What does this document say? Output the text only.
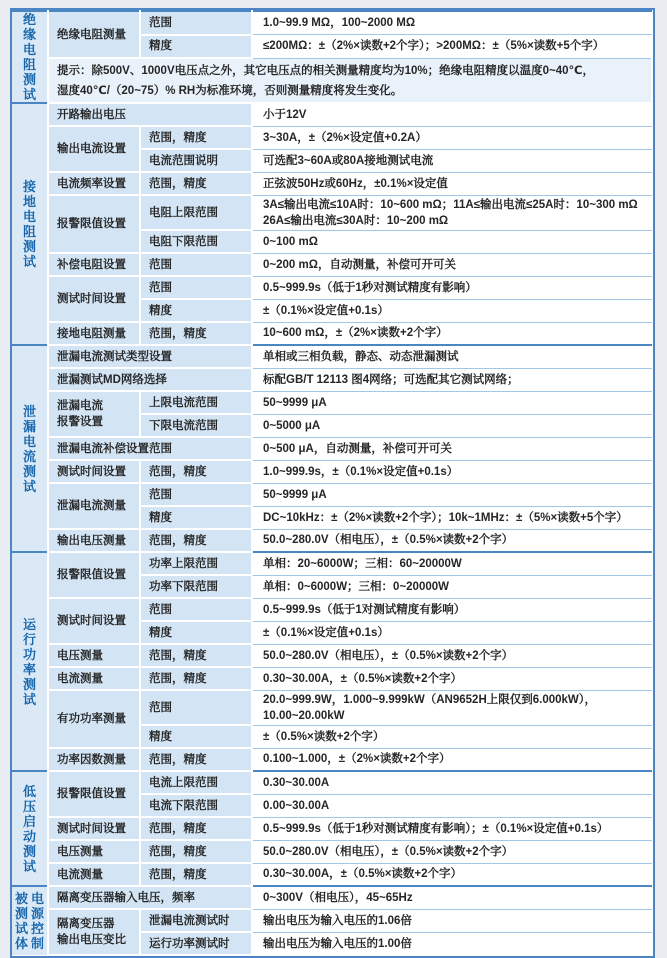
绝缘电阻测试	绝缘电阻测量	范围	1.0~99.9 MΩ，100~2000 MΩ

		精度	≤200MΩ：±（2%×读数+2个字）；>200MΩ：±（5%×读数+5个字）

	提示：除500V、1000V电压点之外，其它电压点的相关测量精度均为10%；绝缘电阻精度以温度0~40℃，
湿度40℃/（20~75）% RH为标准环境，否则测量精度将发生变化。		

接地电阻测试	开路输出电压		小于12V

	输出电流设置	范围，精度	3~30A，±（2%×设定值+0.2A）

		电流范围说明	可选配3~60A或80A接地测试电流

	电流频率设置	范围，精度	正弦波50Hz或60Hz，±0.1%×设定值

	报警限值设置	电阻上限范围	3A≤输出电流≤10A时：10~600 mΩ；11A≤输出电流≤25A时：10~300 mΩ
26A≤输出电流≤30A时：10~200 mΩ

		电阻下限范围	0~100 mΩ

	补偿电阻设置	范围	0~200 mΩ，自动测量，补偿可开可关

	测试时间设置	范围	0.5~999.9s（低于1秒对测试精度有影响）

		精度	±（0.1%×设定值+0.1s）

	接地电阻测量	范围，精度	10~600 mΩ，±（2%×读数+2个字）

泄漏电流测试	泄漏电流测试类型设置		单相或三相负载，静态、动态泄漏测试

	泄漏测试MD网络选择		标配GB/T 12113 图4网络；可选配其它测试网络；

	泄漏电流
报警设置	上限电流范围	50~9999 μA

		下限电流范围	0~5000 μA

	泄漏电流补偿设置范围		0~500 μA，自动测量，补偿可开可关

	测试时间设置	范围，精度	1.0~999.9s，±（0.1%×设定值+0.1s）

	泄漏电流测量	范围	50~9999 μA

		精度	DC~10kHz：±（2%×读数+2个字）；10k~1MHz：±（5%×读数+5个字）

	输出电压测量	范围，精度	50.0~280.0V（相电压），±（0.5%×读数+2个字）

运行功率测试	报警限值设置	功率上限范围	单相：20~6000W；三相：60~20000W

		功率下限范围	单相：0~6000W；三相：0~20000W

	测试时间设置	范围	0.5~999.9s（低于1对测试精度有影响）

		精度	±（0.1%×设定值+0.1s）

	电压测量	范围，精度	50.0~280.0V（相电压），±（0.5%×读数+2个字）

	电流测量	范围，精度	0.30~30.00A，±（0.5%×读数+2个字）

	有功功率测量	范围	20.0~999.9W，1.000~9.999kW（AN9652H上限仅到6.000kW），
10.00~20.00kW

		精度	±（0.5%×读数+2个字）

	功率因数测量	范围，精度	0.100~1.000，±（2%×读数+2个字）

低压启动测试	报警限值设置	电流上限范围	0.30~30.00A

		电流下限范围	0.00~30.00A

	测试时间设置	范围，精度	0.5~999.9s（低于1秒对测试精度有影响）；±（0.1%×设定值+0.1s）

	电压测量	范围，精度	50.0~280.0V（相电压），±（0.5%×读数+2个字）

	电流测量	范围，精度	0.30~30.00A，±（0.5%×读数+2个字）

被测试体
电源控制	隔离变压器输入电压，频率		0~300V（相电压），45~65Hz

	隔离变压器
输出电压变比	泄漏电流测试时	输出电压为输入电压的1.06倍

		运行功率测试时	输出电压为输入电压的1.00倍
